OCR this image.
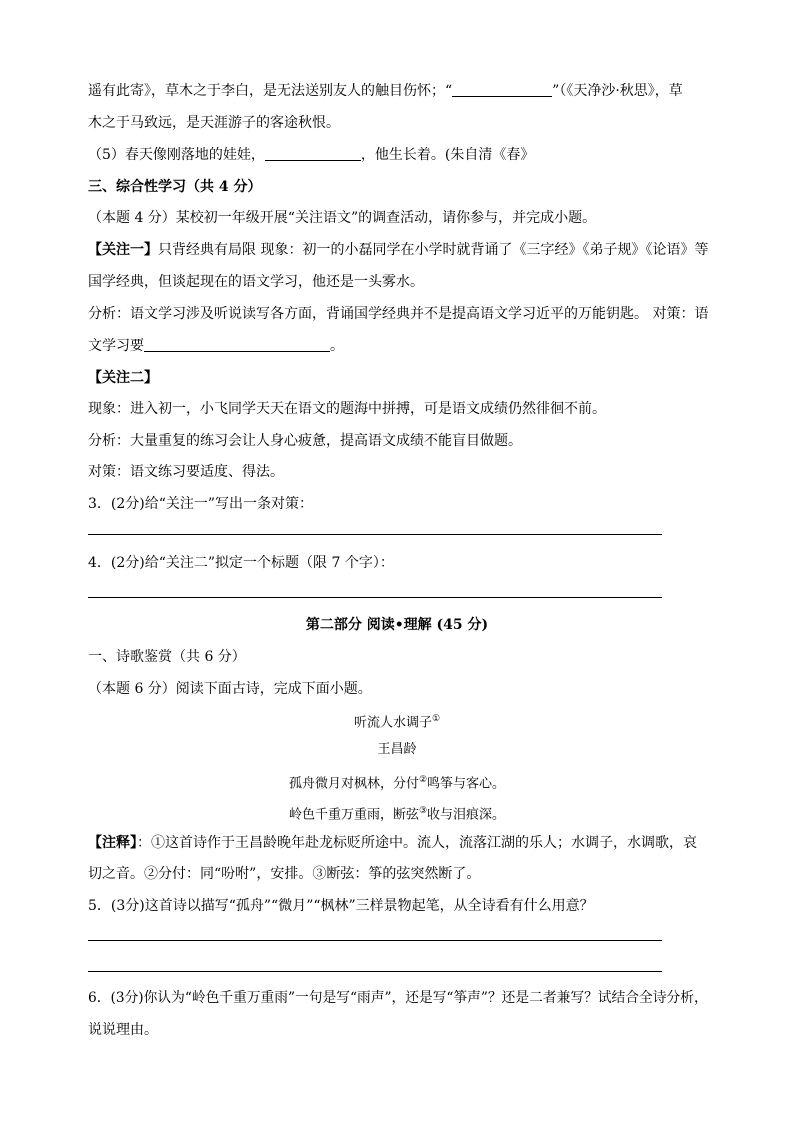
遥有此寄》，草木之于李白，是无法送别友人的触目伤怀；“	”（《天净沙·秋思》，草
木之于马致远，是天涯游子的客途秋恨。
（5）春天像刚落地的娃娃，	，他生长着。(朱自清《春》
三、综合性学习（共 4 分）
（本题 4 分）某校初一年级开展“关注语文”的调查活动，请你参与，并完成小题。
【关注一】只背经典有局限 现象：初一的小磊同学在小学时就背诵了《三字经》《弟子规》《论语》等
国学经典，但谈起现在的语文学习，他还是一头雾水。
分析：语文学习涉及听说读写各方面，背诵国学经典并不是提高语文学习近平的万能钥匙。 对策：语
文学习要	。
【关注二】
现象：进入初一，小飞同学天天在语文的题海中拼搏，可是语文成绩仍然徘徊不前。
分析：大量重复的练习会让人身心疲惫，提高语文成绩不能盲目做题。
对策：语文练习要适度、得法。
3．(2分)给“关注一”写出一条对策：
4．(2分)给“关注二”拟定一个标题（限 7 个字）：
第二部分 阅读•理解 (45 分)
一、诗歌鉴赏（共 6 分）
（本题 6 分）阅读下面古诗，完成下面小题。
听流人水调子①
王昌龄
孤舟微月对枫林，分付②鸣筝与客心。
岭色千重万重雨，断弦③收与泪痕深。
【注释】：①这首诗作于王昌龄晚年赴龙标贬所途中。流人，流落江湖的乐人；水调子，水调歌，哀
切之音。②分付：同“吩咐”，安排。③断弦：筝的弦突然断了。
5．(3分)这首诗以描写“孤舟”“微月”“枫林”三样景物起笔，从全诗看有什么用意？
6．(3分)你认为“岭色千重万重雨”一句是写“雨声”，还是写“筝声”？还是二者兼写？试结合全诗分析，
说说理由。
